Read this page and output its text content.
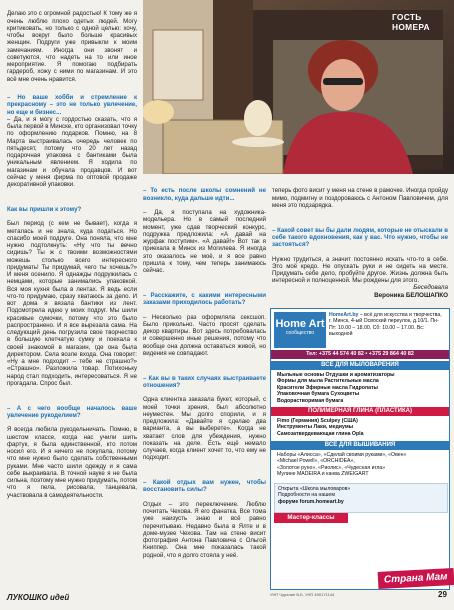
ГОСТЬ НОМЕРА

Делаю это с огромной радостью! К тому же я очень люблю плохо одетых людей. Могу критиковать, но только с одной целью: хочу, чтобы вокруг было больше красивых женщин. Подруги уже привыкли к моим замечаниям. Иногда они звонят и советуются, что надеть на то или иное мероприятие. Я помогаю подбирать гардероб, хожу с ними по магазинам. И это всё мне очень нравится.

– Но ваше хобби и стремление к прекрасному – это не только увлечение, но еще и бизнес...

– Да, и я могу с гордостью сказать, что я была первой в Минске, кто организовал точку по оформлению подарков. Помню, на 8 Марта выстраивалась очередь человек по пятьдесят, потому что 20 лет назад подарочная упаковка с бантиками была уникальным явлением. Я ходила по магазинам и обучала продавцов. И вот сейчас у меня фирма по оптовой продаже декоративной упаковки.

Как вы пришли к этому?

Был период (с кем не бывает), когда я металась и не знала, куда податься. Но спасибо моей подруге. Она поняла, что мне нужно подтолкнуть: «Ну что ты вечно сидишь? Ты ж с твоими возможностями можешь столько всего интересного придумать! Ты придумай, чего ты хочешь?» И меня осенило. Я однажды подружилась с немцами, которые занимались упаковкой. Вся моя кухня была в лентах. Я ведь если что-то придумаю, сразу хватаюсь за дело. И вот дома я вязала бантики из лент. Подсмотрела идею у моих подруг. Мы шили красивые сумочки, потому что это было распространено. И я все вырезала сама. На следующий день погрузила свое творчество в большую клетчатую сумку и поехала к своей знакомой в магазин, где она была директором. Села возле входа. Она говорит: «Ну а мне подходит – тебе не страшно?» «Страшно». Разложила товар. Потихоньку народ стал подходить, интересоваться. Я не прогадала. Спрос был.

– А с чего вообще началось ваше увлечение рукоделием?

Я всегда любила рукодельничать. Помню, в шестом классе, когда нас учили шить фартук, я была единственной, кто потом носил его. И я ничего не покупала, потому что мне нужно было сделать собственными руками. Мне часто шили одежду и я сама себе выкраивала. В точной науке я не была сильна, поэтому мне нужно придумать, потом что я пела, рисовала, танцевала, участвовала в самодеятельности.

– То есть после школы сомнений не возникло, куда дальше идти...

– Да, я поступала на художника-модельера. Но в самый последний момент, уже сдав творческий конкурс, подружка предложила: «А давай на журфак поступим». «А давай!» Вот так я приехала в Минск из Могилева. Я иногда это оказалось не моё, и я все равно пришла к тому, чем теперь занимаюсь сейчас.

– Расскажите, с какими интересными заказами приходилось работать?

– Несколько раз оформляла сексшоп. Было прикольно. Часто просят сделать декор квартиры. Вот здесь потребовалась и совершенно иные решения, потому что вообще она должна оставаться живой, но видения не совпадают.

– Как вы в таких случаях выстраиваете отношения?

Одна клиентка заказала букет, который, с моей точки зрения, был абсолютно неуместен. Мы долго спорили, и я предложила: «Давайте я сделаю два варианта, а вы выберете». Когда не хватает слов для убеждения, нужно показать на деле. Есть ещё немало случаев, когда клиент хочет то, что ему не подходит.

– Какой отдых вам нужен, чтобы восстановить силы?

Отдых – это переключение. Люблю почитать Чехова. Я его фанатка. Все тома уже наизусть знаю и всё равно перечитываю. Недавно была в Ялте и в доме-музее Чехова. Там на стене висит фотография Антона Павловича с Ольгой Книппер. Она мне показалась такой родной, что я долго стояла у неё.

теперь фото висит у меня на стене в рамочке. Иногда пройду мимо, подмигну и поздороваюсь с Антоном Павловичем, для меня это подзарядка.

– Какой совет вы бы дали людям, которые не отыскали в себе такого вдохновения, как у вас. Что нужно, чтобы не застояться?

Нужно трудиться, а значит постоянно искать что-то в себе. Это моё кредо. Не опускать руки и не сидеть на месте. Придумать себе дело, пробуйте другое. Жизнь должна быть интересной и полноценной. Мы рождены для этого.

Беседовала
Вероника БЕЛОШАПКО
Home Art
сообщество
HomeArt.by – всё для искусства и творчества, г. Минск, 4-ый Освоский переулок, д.10/1. Пн-Пт: 10.00 – 18.00, Сб: 10.00 – 17.00. Вс: выходной
Тел: +375 44 574 40 82 • +375 29 864 40 82
ВСЁ ДЛЯ МЫЛОВАРЕНИЯ
Мыльные основы Отдушки и ароматизаторы
Формы для мыла Растительные масла
Красители Эфирные масла Гидролаты
Упаковочная бумага Сухоцветы
Водорастворимая бумага
ПОЛИМЕРНАЯ ГЛИНА (ПЛАСТИКА)
Fimo (Германия) Sculpey (США)
Инструменты Лаки, медиумы
Самозатвердевающая глина Opla
ВСЁ ДЛЯ ВЫШИВАНИЯ
Наборы «Алисса», «Сделай своими руками», «Овен»
«Michael Powell», «ORCHIDEA»,
«Золотое руно», «Риолис», «Чудесная игла»
Мулине MADEIRA и канва ZWEIGART
Открыта «Школа мыловаров»
Подробности на нашем
форуме forum.homeart.by
Мастер-классы
ЛУКОШКО идей	УНП Чуралин В.Б. УНП 490171144	29
Страна Мам
